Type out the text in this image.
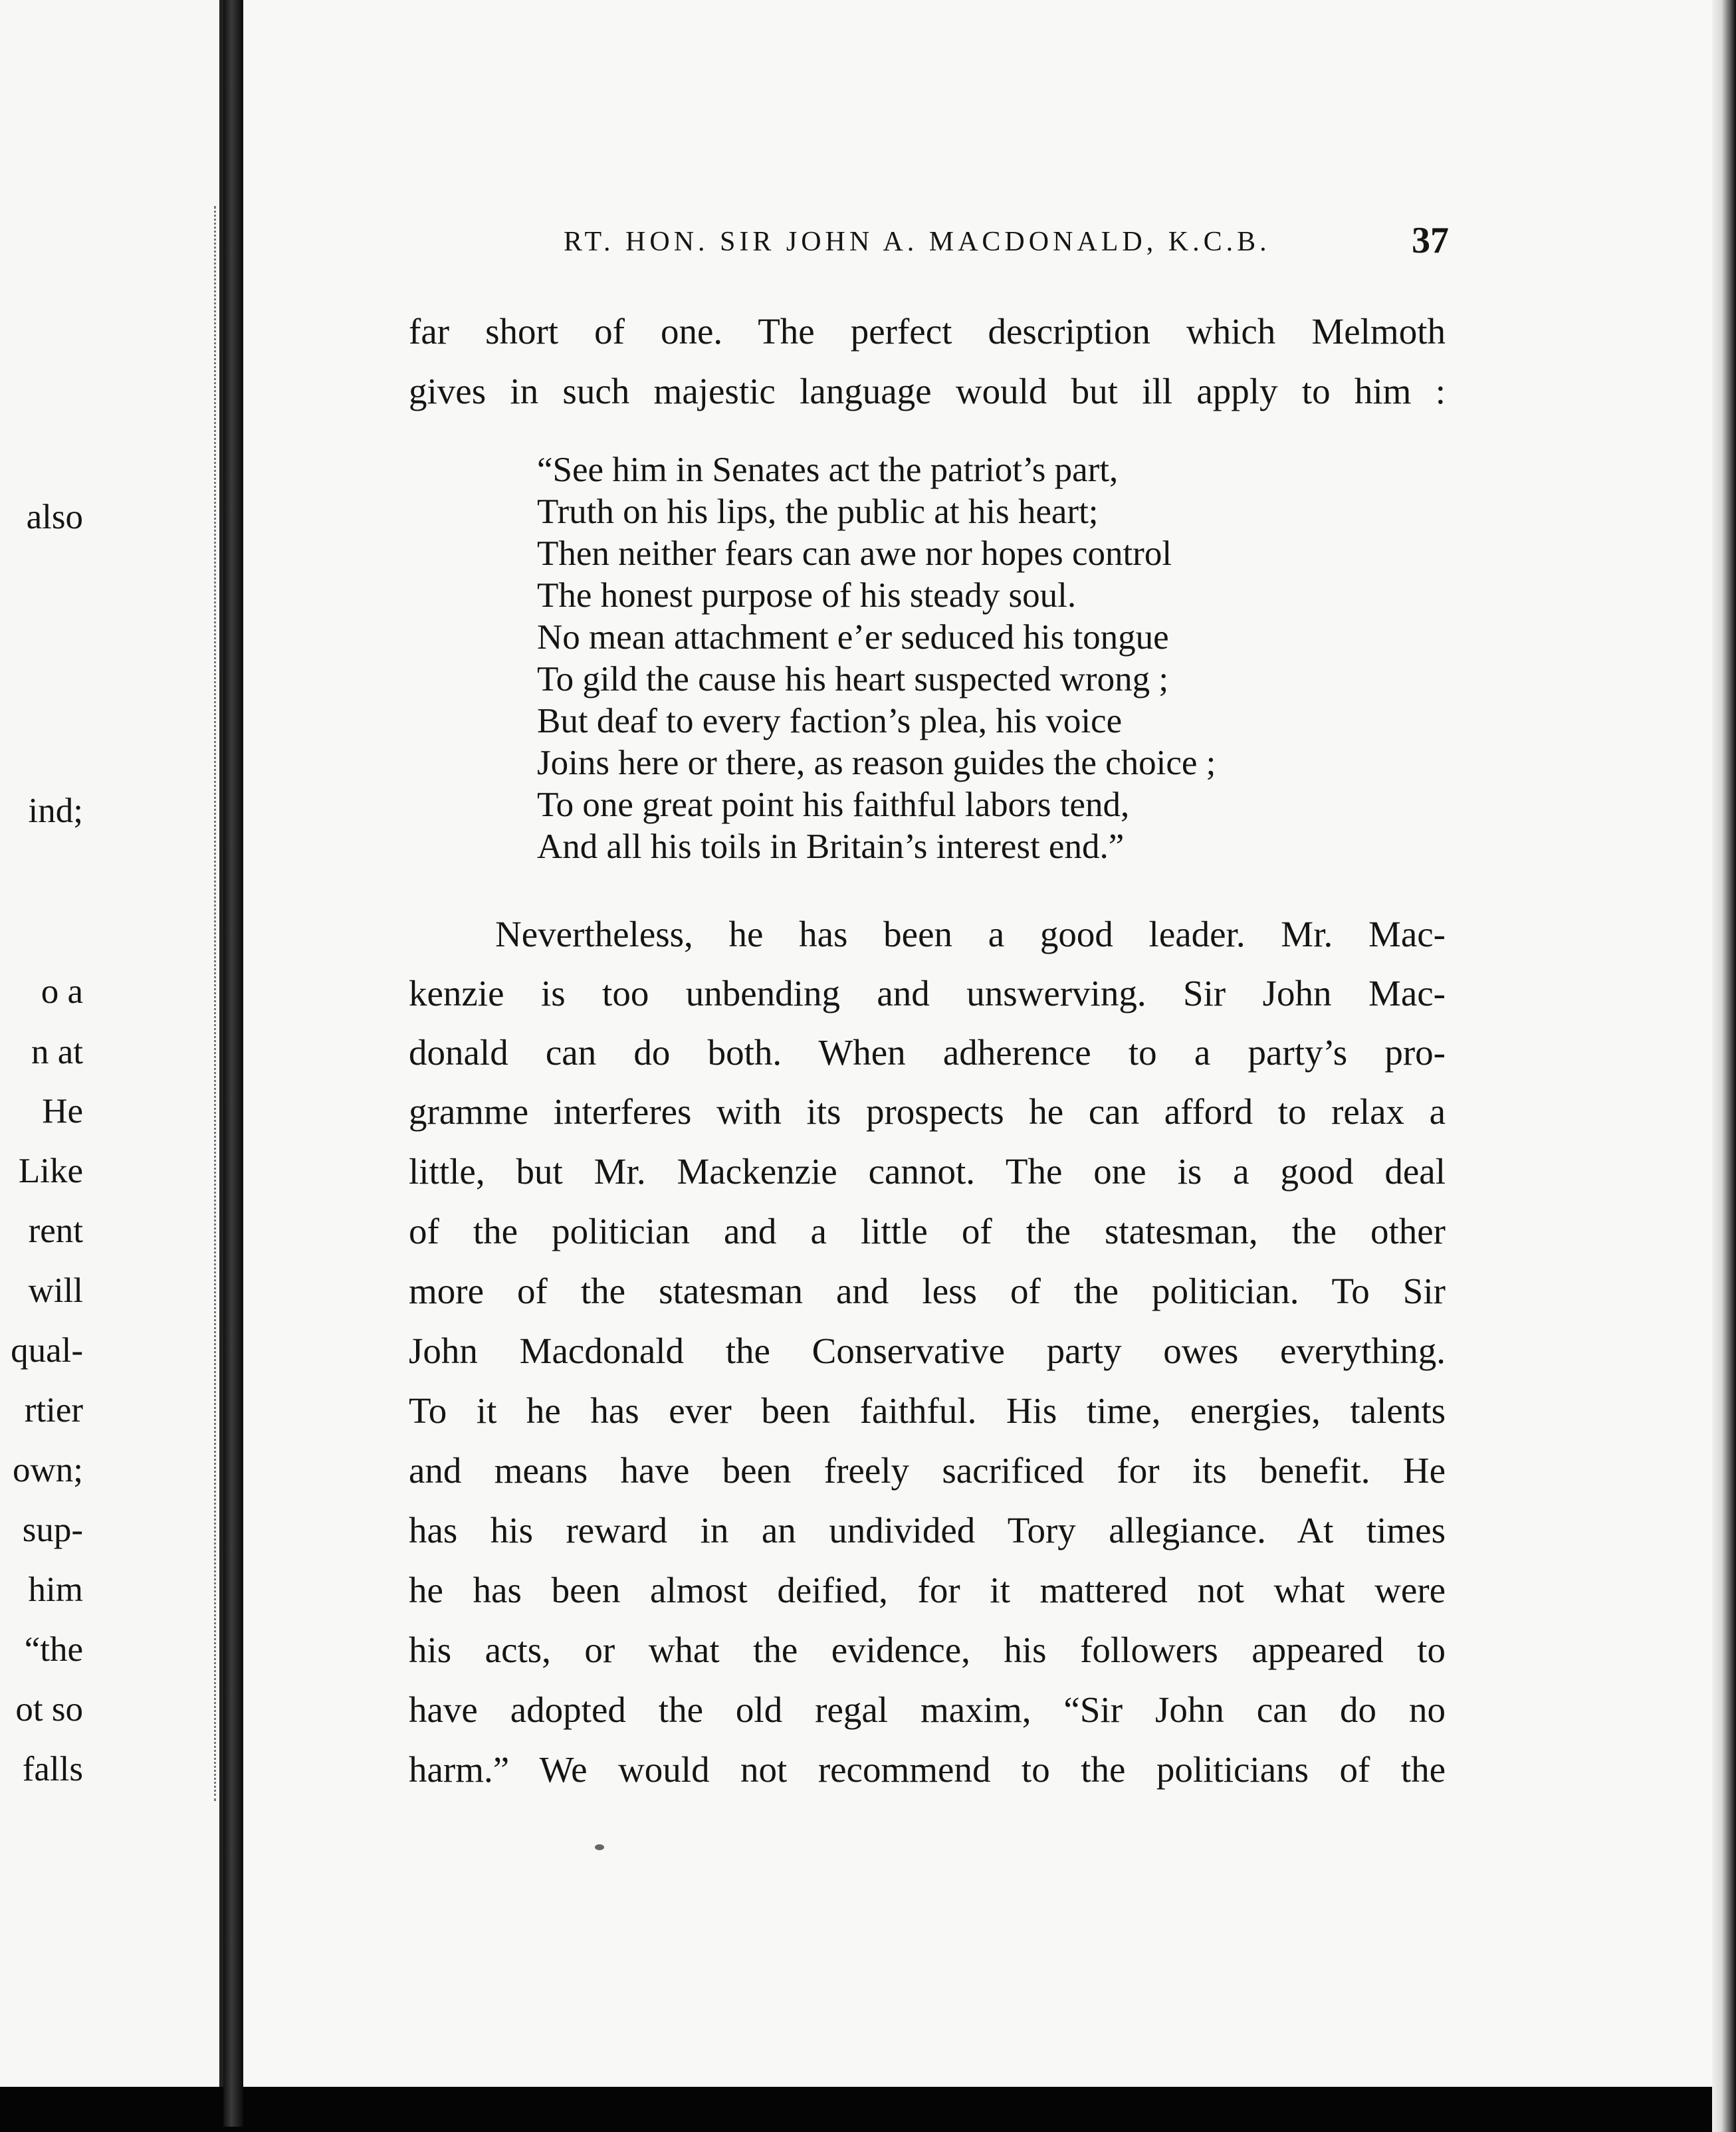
also
ind;
o a
n at
He
Like
rent
will
qual-
rtier
own;
sup-
him
“the
ot so
falls
RT. HON. SIR JOHN A. MACDONALD, K.C.B.	37
far short of one. The perfect description which Melmoth
gives in such majestic language would but ill apply to him :
“See him in Senates act the patriot’s part,
Truth on his lips, the public at his heart;
Then neither fears can awe nor hopes control
The honest purpose of his steady soul.
No mean attachment e’er seduced his tongue
To gild the cause his heart suspected wrong ;
But deaf to every faction’s plea, his voice
Joins here or there, as reason guides the choice ;
To one great point his faithful labors tend,
And all his toils in Britain’s interest end.”
Nevertheless, he has been a good leader. Mr. Mac-
kenzie is too unbending and unswerving. Sir John Mac-
donald can do both. When adherence to a party’s pro-
gramme interferes with its prospects he can afford to relax a
little, but Mr. Mackenzie cannot. The one is a good deal
of the politician and a little of the statesman, the other
more of the statesman and less of the politician. To Sir
John Macdonald the Conservative party owes everything.
To it he has ever been faithful. His time, energies, talents
and means have been freely sacrificed for its benefit. He
has his reward in an undivided Tory allegiance. At times
he has been almost deified, for it mattered not what were
his acts, or what the evidence, his followers appeared to
have adopted the old regal maxim, “Sir John can do no
harm.” We would not recommend to the politicians of the
